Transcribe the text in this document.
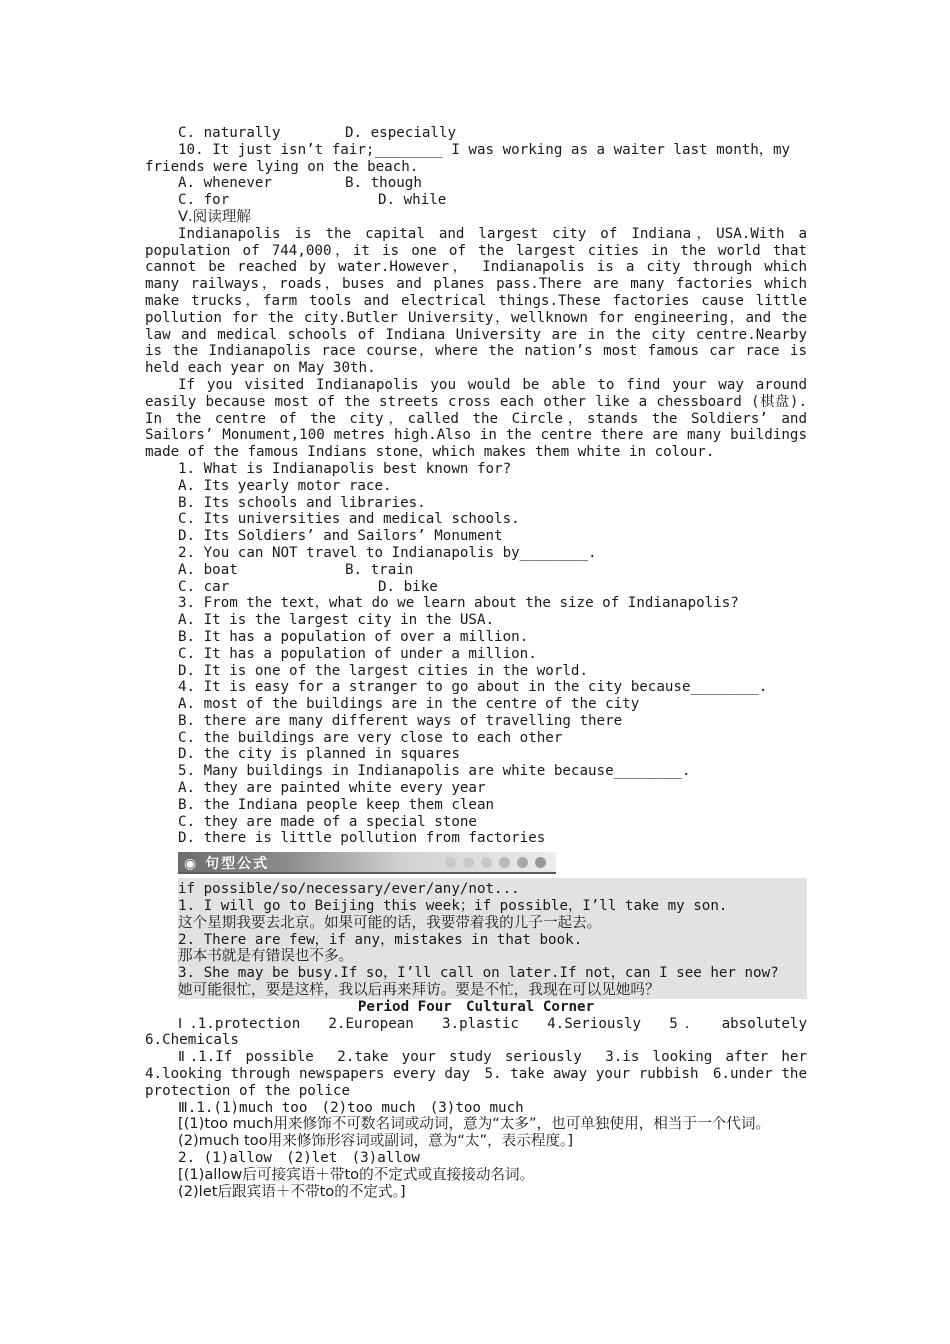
C. naturally	D. especially
10. It just isn’t fair;________ I was working as a waiter last month，my
friends were lying on the beach.
A. whenever	B. though
C. for	D. while
Ⅴ.阅读理解
Indianapolis is the capital and largest city of Indiana，USA.With a population of 744,000，it is one of the largest cities in the world that cannot be reached by water.However， Indianapolis is a city through which many railways，roads，buses and planes pass.There are many factories which make trucks，farm tools and electrical things.These factories cause little pollution for the city.Butler University，wellknown for engineering，and the law and medical schools of Indiana University are in the city centre.Nearby is the Indianapolis race course，where the nation’s most famous car race is held each year on May 30th.
If you visited Indianapolis you would be able to find your way around easily because most of the streets cross each other like a chessboard (棋盘). In the centre of the city，called the Circle，stands the Soldiers’ and Sailors’ Monument,100 metres high.Also in the centre there are many buildings made of the famous Indians stone，which makes them white in colour.
1. What is Indianapolis best known for?
A. Its yearly motor race.
B. Its schools and libraries.
C. Its universities and medical schools.
D. Its Soldiers’ and Sailors’ Monument
2. You can NOT travel to Indianapolis by________.
A. boat	B. train
C. car	D. bike
3. From the text，what do we learn about the size of Indianapolis?
A. It is the largest city in the USA.
B. It has a population of over a million.
C. It has a population of under a million.
D. It is one of the largest cities in the world.
4. It is easy for a stranger to go about in the city because________.
A. most of the buildings are in the centre of the city
B. there are many different ways of travelling there
C. the buildings are very close to each other
D. the city is planned in squares
5. Many buildings in Indianapolis are white because________.
A. they are painted white every year
B. the Indiana people keep them clean
C. they are made of a special stone
D. there is little pollution from factories
◉ 句型公式
if possible/so/necessary/ever/any/not...
1. I will go to Beijing this week；if possible，I’ll take my son.
这个星期我要去北京。如果可能的话，我要带着我的儿子一起去。
2. There are few，if any，mistakes in that book.
那本书就是有错误也不多。
3. She may be busy.If so，I’ll call on later.If not，can I see her now?
她可能很忙，要是这样，我以后再来拜访。要是不忙，我现在可以见她吗？
Period Four　Cultural Corner
Ⅰ.1.protection　2.European　3.plastic　4.Seriously　5． absolutely
6.Chemicals
Ⅱ.1.If possible　2.take your study seriously　3.is looking after her 4.looking through newspapers every day　5. take away your rubbish　6.under the protection of the police
Ⅲ.1.(1)much too　(2)too much　(3)too much
[(1)too much用来修饰不可数名词或动词，意为“太多”，也可单独使用，相当于一个代词。
(2)much too用来修饰形容词或副词，意为“太”，表示程度。]
2. (1)allow　(2)let　(3)allow
[(1)allow后可接宾语＋带to的不定式或直接接动名词。
(2)let后跟宾语＋不带to的不定式。]
